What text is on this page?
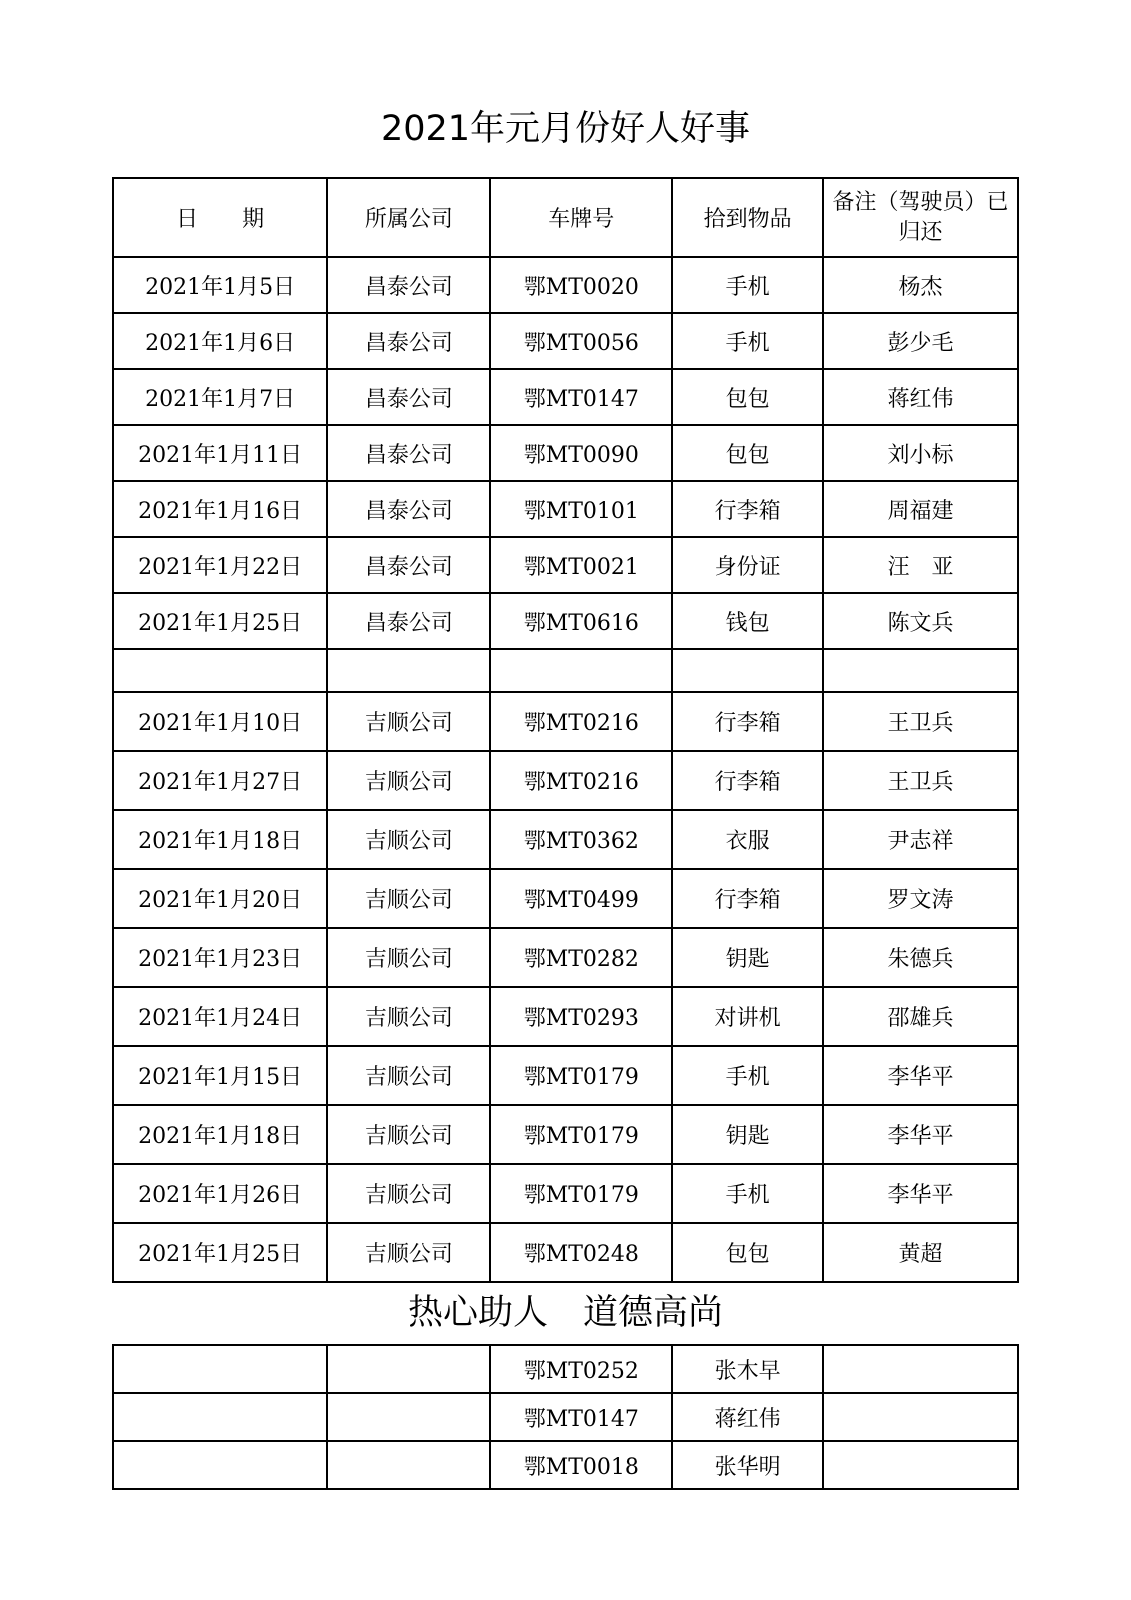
2021年元月份好人好事
日　　期	所属公司	车牌号	拾到物品	备注（驾驶员）已归还
2021年1月5日	昌泰公司	鄂MT0020	手机	杨杰
2021年1月6日	昌泰公司	鄂MT0056	手机	彭少毛
2021年1月7日	昌泰公司	鄂MT0147	包包	蒋红伟
2021年1月11日	昌泰公司	鄂MT0090	包包	刘小标
2021年1月16日	昌泰公司	鄂MT0101	行李箱	周福建
2021年1月22日	昌泰公司	鄂MT0021	身份证	汪　亚
2021年1月25日	昌泰公司	鄂MT0616	钱包	陈文兵

2021年1月10日	吉顺公司	鄂MT0216	行李箱	王卫兵
2021年1月27日	吉顺公司	鄂MT0216	行李箱	王卫兵
2021年1月18日	吉顺公司	鄂MT0362	衣服	尹志祥
2021年1月20日	吉顺公司	鄂MT0499	行李箱	罗文涛
2021年1月23日	吉顺公司	鄂MT0282	钥匙	朱德兵
2021年1月24日	吉顺公司	鄂MT0293	对讲机	邵雄兵
2021年1月15日	吉顺公司	鄂MT0179	手机	李华平
2021年1月18日	吉顺公司	鄂MT0179	钥匙	李华平
2021年1月26日	吉顺公司	鄂MT0179	手机	李华平
2021年1月25日	吉顺公司	鄂MT0248	包包	黄超
热心助人　道德高尚
		鄂MT0252	张木早	
		鄂MT0147	蒋红伟	
		鄂MT0018	张华明	
